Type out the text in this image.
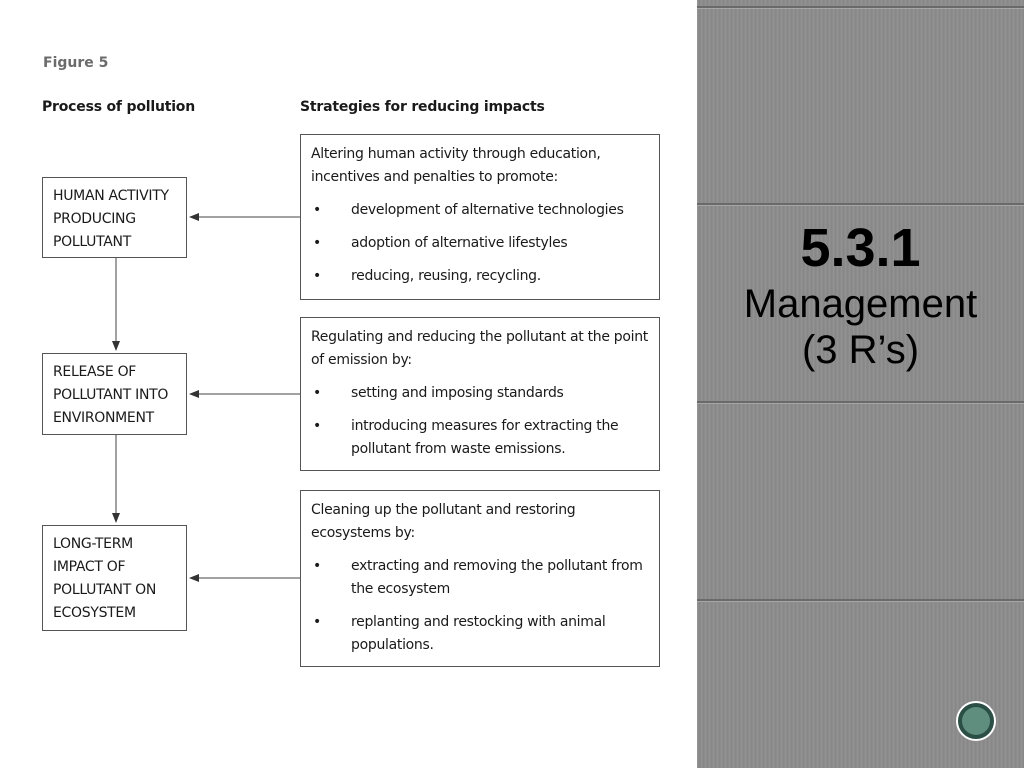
Figure 5
Process of pollution	Strategies for reducing impacts
HUMAN ACTIVITY
PRODUCING
POLLUTANT
RELEASE OF
POLLUTANT INTO
ENVIRONMENT
LONG-TERM
IMPACT OF
POLLUTANT ON
ECOSYSTEM
Altering human activity through education, incentives and penalties to promote:
• development of alternative technologies
• adoption of alternative lifestyles
• reducing, reusing, recycling.
Regulating and reducing the pollutant at the point of emission by:
• setting and imposing standards
• introducing measures for extracting the pollutant from waste emissions.
Cleaning up the pollutant and restoring ecosystems by:
• extracting and removing the pollutant from the ecosystem
• replanting and restocking with animal populations.
5.3.1
Management
(3 R’s)
